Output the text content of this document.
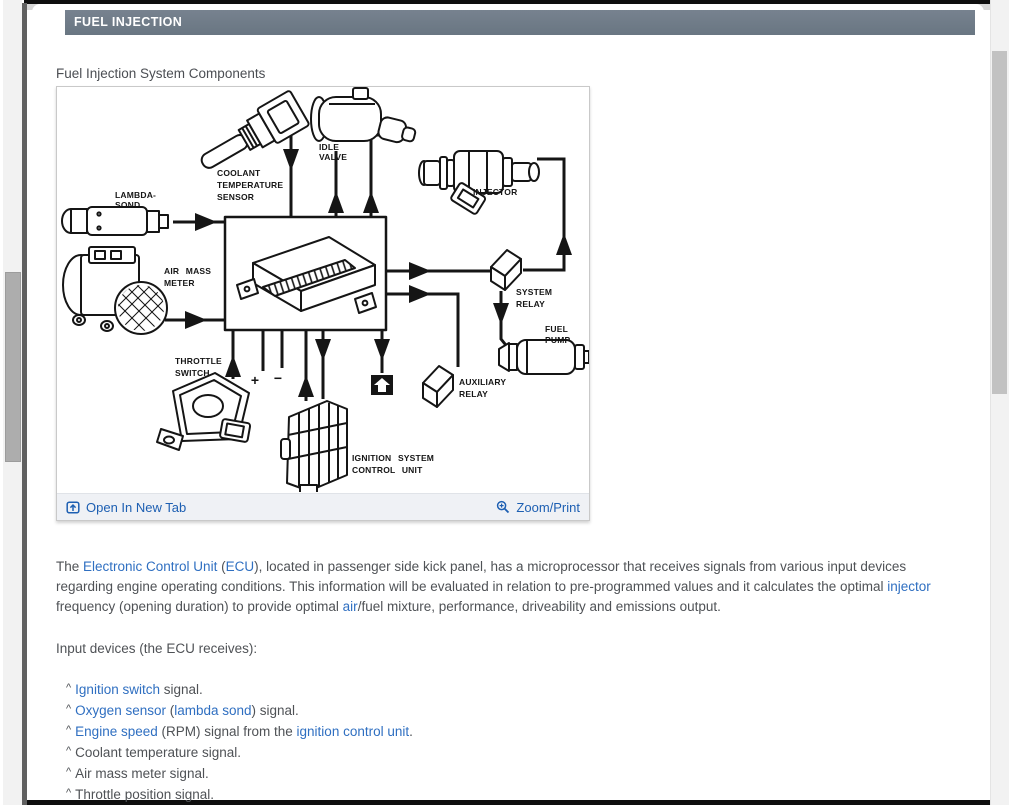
FUEL INJECTION
Fuel Injection System Components
IDLE
VALVE
COOLANT
TEMPERATURE
SENSOR
LAMBDA-
SOND
AIR MASS
METER
INJECTOR
SYSTEM
RELAY
FUEL
PUMP
AUXILIARY
RELAY
THROTTLE
SWITCH
IGNITION SYSTEM
CONTROL UNIT
+ −
Open In New Tab	Zoom/Print
The Electronic Control Unit (ECU), located in passenger side kick panel, has a microprocessor that receives signals from various input devices regarding engine operating conditions. This information will be evaluated in relation to pre-programmed values and it calculates the optimal injector frequency (opening duration) to provide optimal air/fuel mixture, performance, driveability and emissions output.
Input devices (the ECU receives):
^ Ignition switch signal.
^ Oxygen sensor (lambda sond) signal.
^ Engine speed (RPM) signal from the ignition control unit.
^ Coolant temperature signal.
^ Air mass meter signal.
^ Throttle position signal.
